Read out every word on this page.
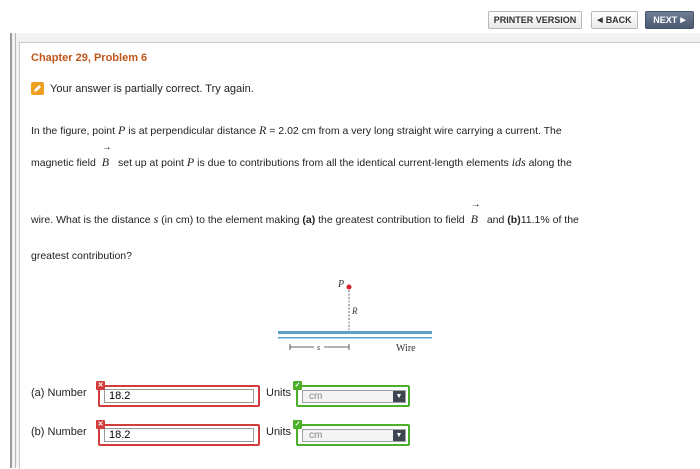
PRINTER VERSION	◀ BACK NEXT ▶
Chapter 29, Problem 6
Your answer is partially correct. Try again.
In the figure, point P is at perpendicular distance R = 2.02 cm from a very long straight wire carrying a current. The
magnetic field
→
B set up at point P is due to contributions from all the identical current-length elements ids along the
wire. What is the distance s (in cm) to the element making (a) the greatest contribution to field
→
B and (b)11.1% of the
greatest contribution?
P
R
s	Wire
(a) Number
18.2
✕
Units	cm	▼
✓
(b) Number
18.2
✕
Units	cm	▼
✓
